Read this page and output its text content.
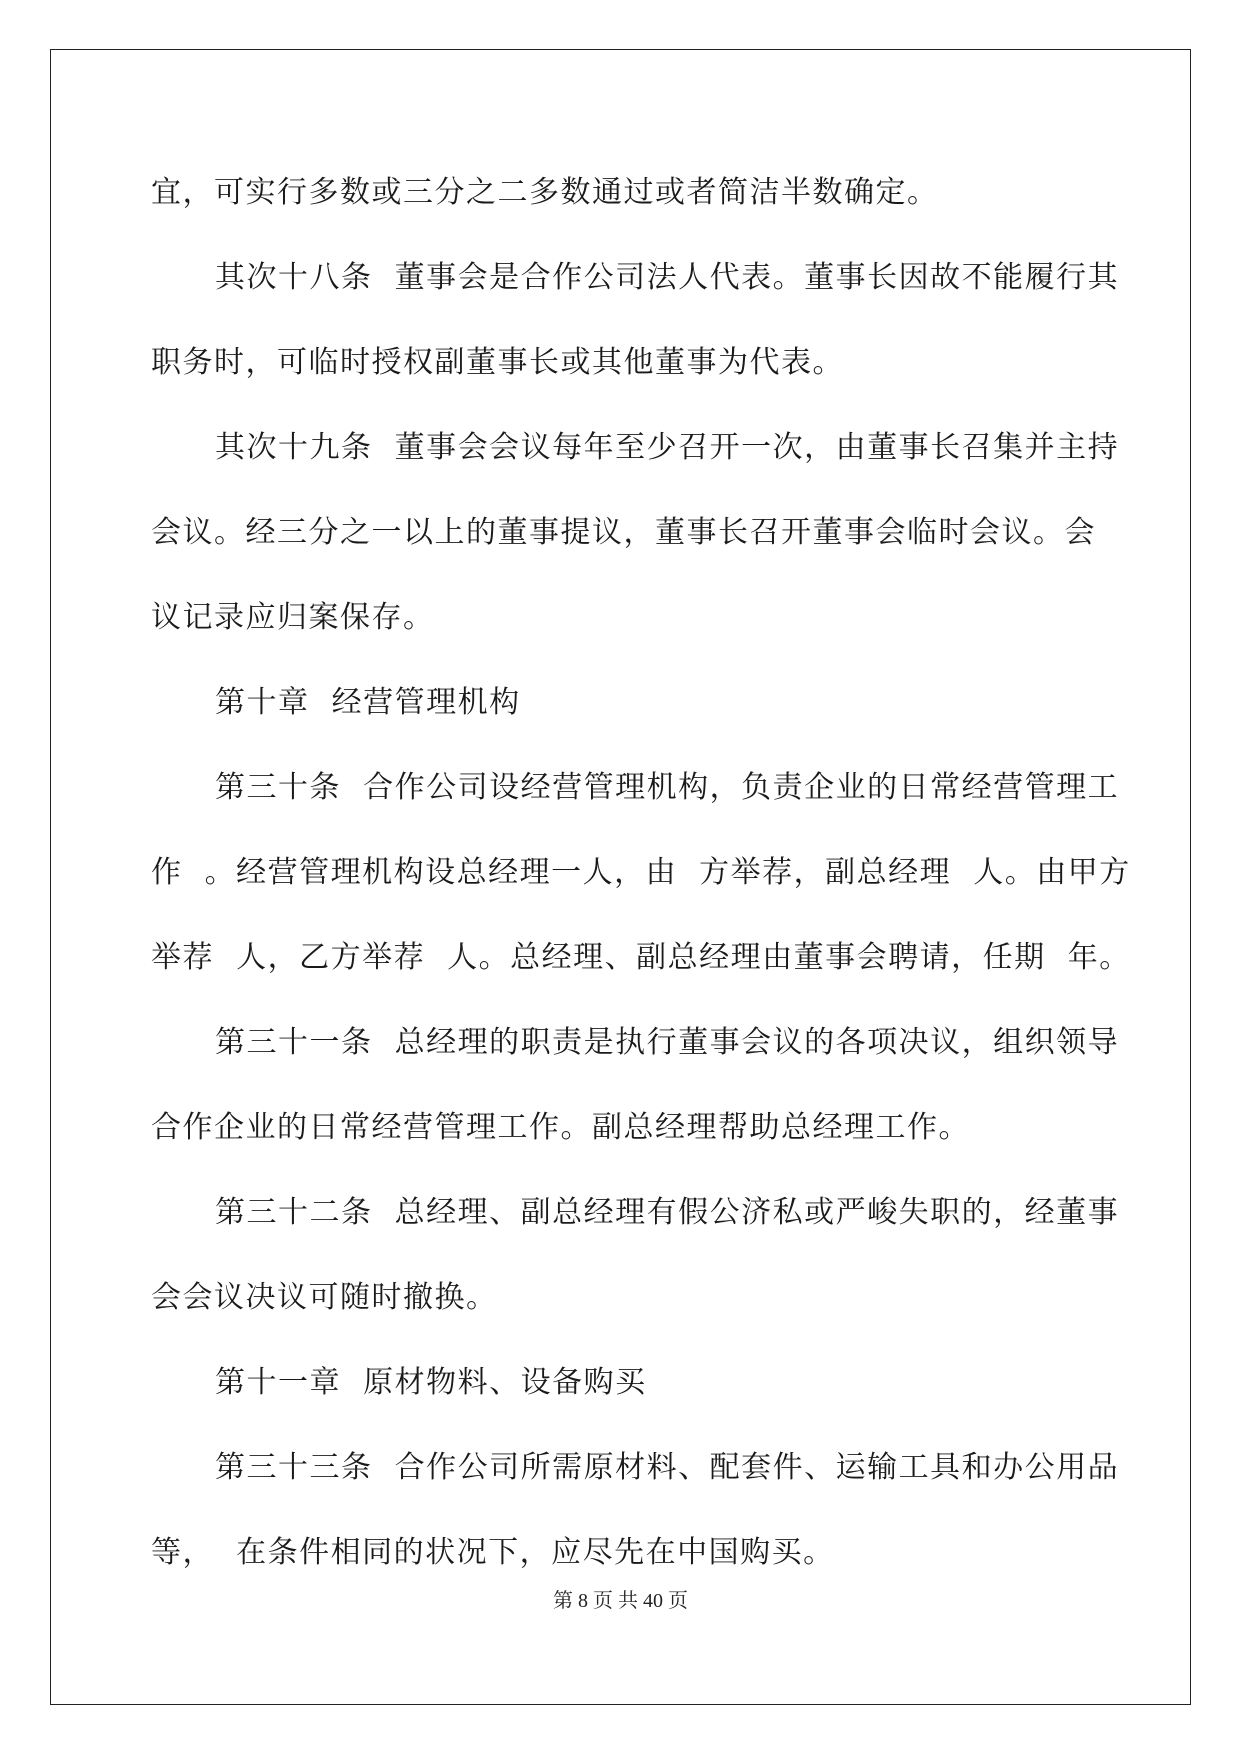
宜，可实行多数或三分之二多数通过或者简洁半数确定。
其次十八条  董事会是合作公司法人代表。董事长因故不能履行其
职务时，可临时授权副董事长或其他董事为代表。
其次十九条  董事会会议每年至少召开一次，由董事长召集并主持
会议。经三分之一以上的董事提议，董事长召开董事会临时会议。会
议记录应归案保存。
第十章  经营管理机构
第三十条  合作公司设经营管理机构，负责企业的日常经营管理工
作  。经营管理机构设总经理一人，由  方举荐，副总经理  人。由甲方
举荐  人，乙方举荐  人。总经理、副总经理由董事会聘请，任期  年。
第三十一条  总经理的职责是执行董事会议的各项决议，组织领导
合作企业的日常经营管理工作。副总经理帮助总经理工作。
第三十二条  总经理、副总经理有假公济私或严峻失职的，经董事
会会议决议可随时撤换。
第十一章  原材物料、设备购买
第三十三条  合作公司所需原材料、配套件、运输工具和办公用品
等，  在条件相同的状况下，应尽先在中国购买。
第 8 页 共 40 页
